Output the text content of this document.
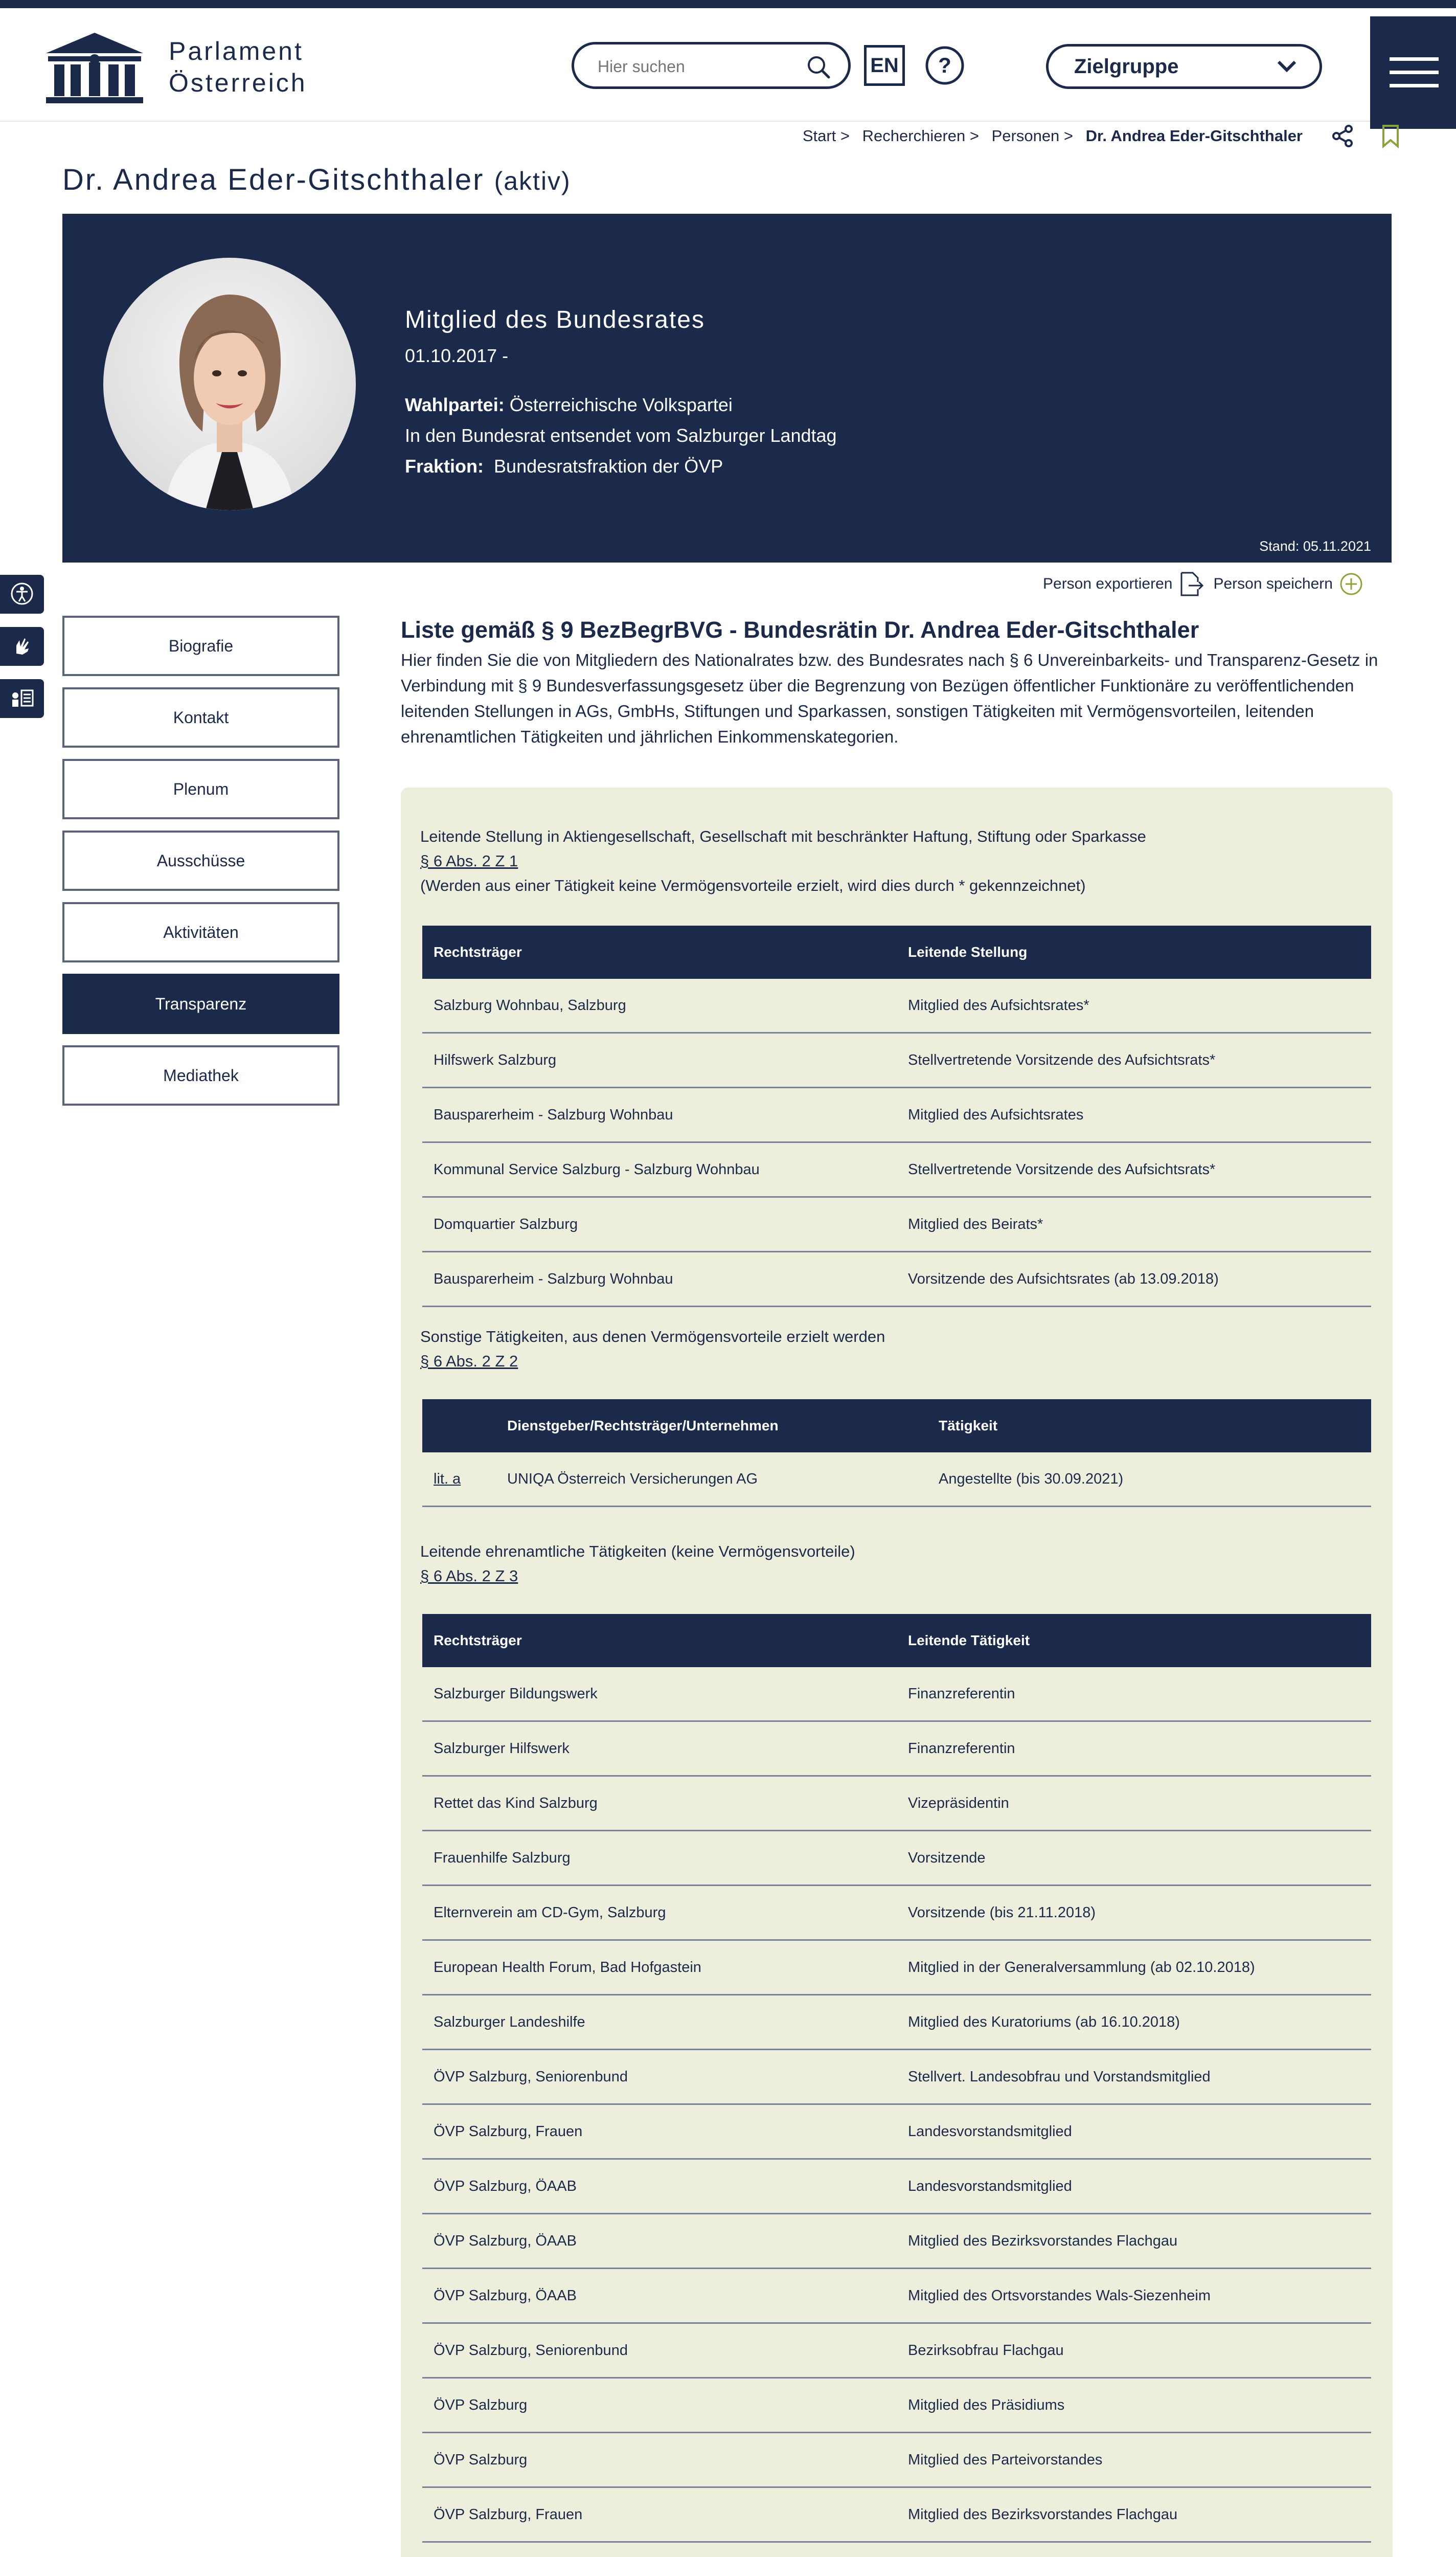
Parlament
Österreich
Hier suchen
EN ?	Zielgruppe
Start > Recherchieren > Personen > Dr. Andrea Eder-Gitschthaler
Dr. Andrea Eder-Gitschthaler (aktiv)
Mitglied des Bundesrates
01.10.2017 -
Wahlpartei: Österreichische Volkspartei
In den Bundesrat entsendet vom Salzburger Landtag
Fraktion: Bundesratsfraktion der ÖVP
Stand: 05.11.2021
Person exportieren	Person speichern
Biografie
Kontakt
Plenum
Ausschüsse
Aktivitäten
Transparenz
Mediathek
Liste gemäß § 9 BezBegrBVG - Bundesrätin Dr. Andrea Eder-Gitschthaler
Hier finden Sie die von Mitgliedern des Nationalrates bzw. des Bundesrates nach § 6 Unvereinbarkeits- und Transparenz-Gesetz in Verbindung mit § 9 Bundesverfassungsgesetz über die Begrenzung von Bezügen öffentlicher Funktionäre zu veröffentlichenden leitenden Stellungen in AGs, GmbHs, Stiftungen und Sparkassen, sonstigen Tätigkeiten mit Vermögensvorteilen, leitenden ehrenamtlichen Tätigkeiten und jährlichen Einkommenskategorien.
Leitende Stellung in Aktiengesellschaft, Gesellschaft mit beschränkter Haftung, Stiftung oder Sparkasse
§ 6 Abs. 2 Z 1
(Werden aus einer Tätigkeit keine Vermögensvorteile erzielt, wird dies durch * gekennzeichnet)
Rechtsträger	Leitende Stellung
Salzburg Wohnbau, Salzburg	Mitglied des Aufsichtsrates*
Hilfswerk Salzburg	Stellvertretende Vorsitzende des Aufsichtsrats*
Bausparerheim - Salzburg Wohnbau	Mitglied des Aufsichtsrates
Kommunal Service Salzburg - Salzburg Wohnbau	Stellvertretende Vorsitzende des Aufsichtsrats*
Domquartier Salzburg	Mitglied des Beirats*
Bausparerheim - Salzburg Wohnbau	Vorsitzende des Aufsichtsrates (ab 13.09.2018)
Sonstige Tätigkeiten, aus denen Vermögensvorteile erzielt werden
§ 6 Abs. 2 Z 2
	Dienstgeber/Rechtsträger/Unternehmen	Tätigkeit
lit. a	UNIQA Österreich Versicherungen AG	Angestellte (bis 30.09.2021)
Leitende ehrenamtliche Tätigkeiten (keine Vermögensvorteile)
§ 6 Abs. 2 Z 3
Rechtsträger	Leitende Tätigkeit
Salzburger Bildungswerk	Finanzreferentin
Salzburger Hilfswerk	Finanzreferentin
Rettet das Kind Salzburg	Vizepräsidentin
Frauenhilfe Salzburg	Vorsitzende
Elternverein am CD-Gym, Salzburg	Vorsitzende (bis 21.11.2018)
European Health Forum, Bad Hofgastein	Mitglied in der Generalversammlung (ab 02.10.2018)
Salzburger Landeshilfe	Mitglied des Kuratoriums (ab 16.10.2018)
ÖVP Salzburg, Seniorenbund	Stellvert. Landesobfrau und Vorstandsmitglied
ÖVP Salzburg, Frauen	Landesvorstandsmitglied
ÖVP Salzburg, ÖAAB	Landesvorstandsmitglied
ÖVP Salzburg, ÖAAB	Mitglied des Bezirksvorstandes Flachgau
ÖVP Salzburg, ÖAAB	Mitglied des Ortsvorstandes Wals-Siezenheim
ÖVP Salzburg, Seniorenbund	Bezirksobfrau Flachgau
ÖVP Salzburg	Mitglied des Präsidiums
ÖVP Salzburg	Mitglied des Parteivorstandes
ÖVP Salzburg, Frauen	Mitglied des Bezirksvorstandes Flachgau
